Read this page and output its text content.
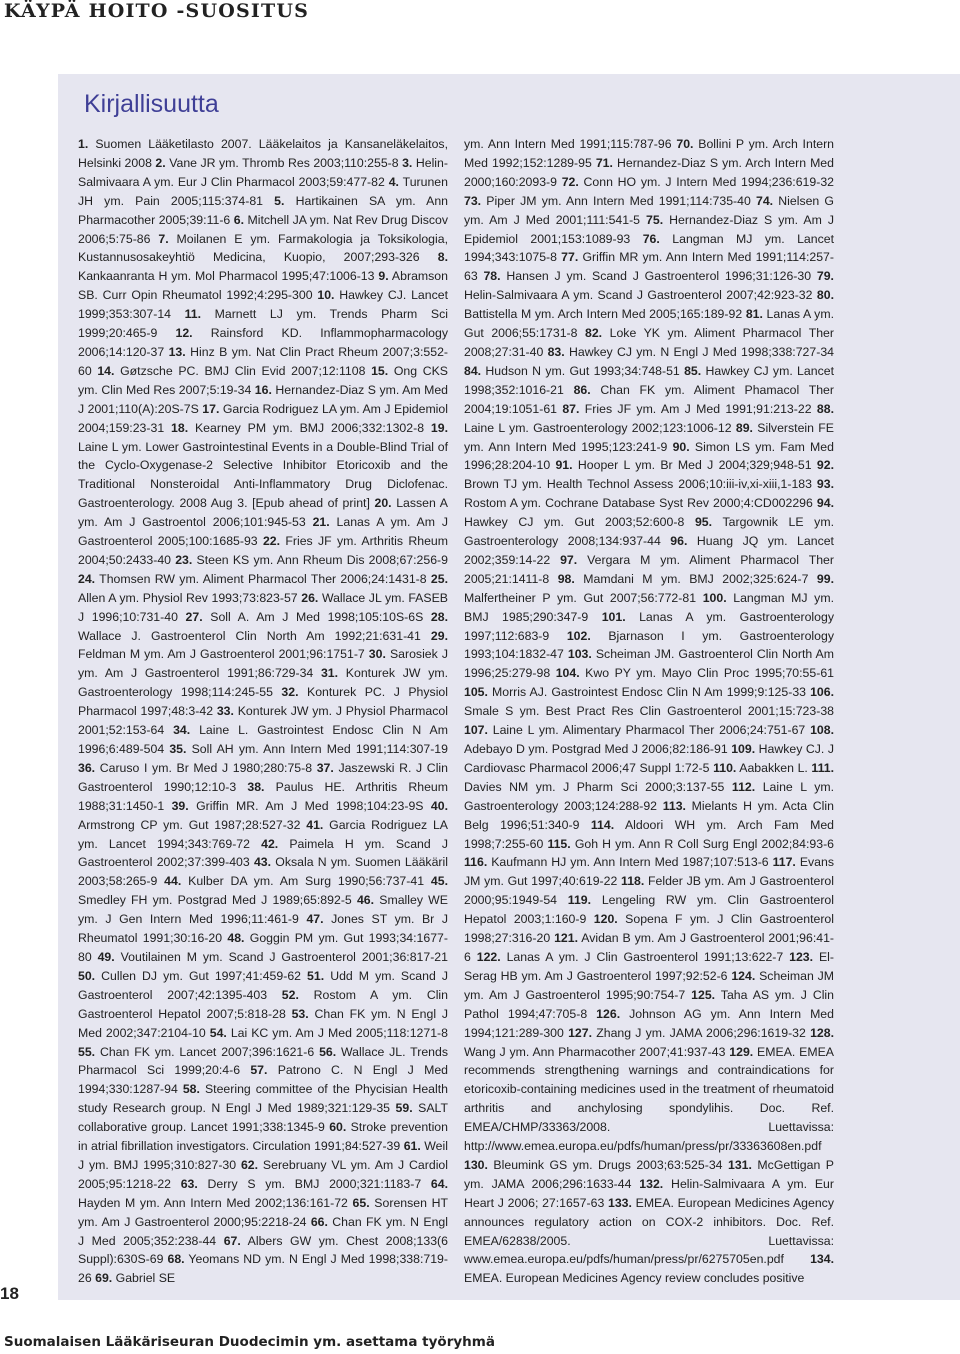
KÄYPÄ HOITO -SUOSITUS
Kirjallisuutta
1. Suomen Lääketilasto 2007. Lääkelaitos ja Kansaneläkelaitos, Helsinki 2008 2. Vane JR ym. Thromb Res 2003;110:255-8 3. Helin-Salmivaara A ym. Eur J Clin Pharmacol 2003;59:477-82 4. Turunen JH ym. Pain 2005;115:374-81 5. Hartikainen SA ym. Ann Pharmacother 2005;39:11-6 6. Mitchell JA ym. Nat Rev Drug Discov 2006;5:75-86 7. Moilanen E ym. Farmakologia ja Toksikologia, Kustannusosakeyhtiö Medicina, Kuopio, 2007;293-326 8. Kankaanranta H ym. Mol Pharmacol 1995;47:1006-13 9. Abramson SB. Curr Opin Rheumatol 1992;4:295-300 10. Hawkey CJ. Lancet 1999;353:307-14 11. Marnett LJ ym. Trends Pharm Sci 1999;20:465-9 12. Rainsford KD. Inflammopharmacology 2006;14:120-37 13. Hinz B ym. Nat Clin Pract Rheum 2007;3:552-60 14. Gøtzsche PC. BMJ Clin Evid 2007;12:1108 15. Ong CKS ym. Clin Med Res 2007;5:19-34 16. Hernandez-Diaz S ym. Am Med J 2001;110(A):20S-7S 17. Garcia Rodriguez LA ym. Am J Epidemiol 2004;159:23-31 18. Kearney PM ym. BMJ 2006;332:1302-8 19. Laine L ym. Lower Gastrointestinal Events in a Double-Blind Trial of the Cyclo-Oxygenase-2 Selective Inhibitor Etoricoxib and the Traditional Nonsteroidal Anti-Inflammatory Drug Diclofenac. Gastroenterology. 2008 Aug 3. [Epub ahead of print] 20. Lassen A ym. Am J Gastroentol 2006;101:945-53 21. Lanas A ym. Am J Gastroenterol 2005;100:1685-93 22. Fries JF ym. Arthritis Rheum 2004;50:2433-40 23. Steen KS ym. Ann Rheum Dis 2008;67:256-9 24. Thomsen RW ym. Aliment Pharmacol Ther 2006;24:1431-8 25. Allen A ym. Physiol Rev 1993;73:823-57 26. Wallace JL ym. FASEB J 1996;10:731-40 27. Soll A. Am J Med 1998;105:10S-6S 28. Wallace J. Gastroenterol Clin North Am 1992;21:631-41 29. Feldman M ym. Am J Gastroenterol 2001;96:1751-7 30. Sarosiek J ym. Am J Gastroenterol 1991;86:729-34 31. Konturek JW ym. Gastroenterology 1998;114:245-55 32. Konturek PC. J Physiol Pharmacol 1997;48:3-42 33. Konturek JW ym. J Physiol Pharmacol 2001;52:153-64 34. Laine L. Gastrointest Endosc Clin N Am 1996;6:489-504 35. Soll AH ym. Ann Intern Med 1991;114:307-19 36. Caruso I ym. Br Med J 1980;280:75-8 37. Jaszewski R. J Clin Gastroenterol 1990;12:10-3 38. Paulus HE. Arthritis Rheum 1988;31:1450-1 39. Griffin MR. Am J Med 1998;104:23-9S 40. Armstrong CP ym. Gut 1987;28:527-32 41. Garcia Rodriguez LA ym. Lancet 1994;343:769-72 42. Paimela H ym. Scand J Gastroenterol 2002;37:399-403 43. Oksala N ym. Suomen Lääkäril 2003;58:265-9 44. Kulber DA ym. Am Surg 1990;56:737-41 45. Smedley FH ym. Postgrad Med J 1989;65:892-5 46. Smalley WE ym. J Gen Intern Med 1996;11:461-9 47. Jones ST ym. Br J Rheumatol 1991;30:16-20 48. Goggin PM ym. Gut 1993;34:1677-80 49. Voutilainen M ym. Scand J Gastroenterol 2001;36:817-21 50. Cullen DJ ym. Gut 1997;41:459-62 51. Udd M ym. Scand J Gastroenterol 2007;42:1395-403 52. Rostom A ym. Clin Gastroenterol Hepatol 2007;5:818-28 53. Chan FK ym. N Engl J Med 2002;347:2104-10 54. Lai KC ym. Am J Med 2005;118:1271-8 55. Chan FK ym. Lancet 2007;396:1621-6 56. Wallace JL. Trends Pharmacol Sci 1999;20:4-6 57. Patrono C. N Engl J Med 1994;330:1287-94 58. Steering committee of the Phycisian Health study Research group. N Engl J Med 1989;321:129-35 59. SALT collaborative group. Lancet 1991;338:1345-9 60. Stroke prevention in atrial fibrillation investigators. Circulation 1991;84:527-39 61. Weil J ym. BMJ 1995;310:827-30 62. Serebruany VL ym. Am J Cardiol 2005;95:1218-22 63. Derry S ym. BMJ 2000;321:1183-7 64. Hayden M ym. Ann Intern Med 2002;136:161-72 65. Sorensen HT ym. Am J Gastroenterol 2000;95:2218-24 66. Chan FK ym. N Engl J Med 2005;352:238-44 67. Albers GW ym. Chest 2008;133(6 Suppl):630S-69 68. Yeomans ND ym. N Engl J Med 1998;338:719-26 69. Gabriel SE
ym. Ann Intern Med 1991;115:787-96 70. Bollini P ym. Arch Intern Med 1992;152:1289-95 71. Hernandez-Diaz S ym. Arch Intern Med 2000;160:2093-9 72. Conn HO ym. J Intern Med 1994;236:619-32 73. Piper JM ym. Ann Intern Med 1991;114:735-40 74. Nielsen G ym. Am J Med 2001;111:541-5 75. Hernandez-Diaz S ym. Am J Epidemiol 2001;153:1089-93 76. Langman MJ ym. Lancet 1994;343:1075-8 77. Griffin MR ym. Ann Intern Med 1991;114:257-63 78. Hansen J ym. Scand J Gastroenterol 1996;31:126-30 79. Helin-Salmivaara A ym. Scand J Gastroenterol 2007;42:923-32 80. Battistella M ym. Arch Intern Med 2005;165:189-92 81. Lanas A ym. Gut 2006;55:1731-8 82. Loke YK ym. Aliment Pharmacol Ther 2008;27:31-40 83. Hawkey CJ ym. N Engl J Med 1998;338:727-34 84. Hudson N ym. Gut 1993;34:748-51 85. Hawkey CJ ym. Lancet 1998;352:1016-21 86. Chan FK ym. Aliment Phamacol Ther 2004;19:1051-61 87. Fries JF ym. Am J Med 1991;91:213-22 88. Laine L ym. Gastroenterology 2002;123:1006-12 89. Silverstein FE ym. Ann Intern Med 1995;123:241-9 90. Simon LS ym. Fam Med 1996;28:204-10 91. Hooper L ym. Br Med J 2004;329;948-51 92. Brown TJ ym. Health Technol Assess 2006;10:iii-iv,xi-xiii,1-183 93. Rostom A ym. Cochrane Database Syst Rev 2000;4:CD002296 94. Hawkey CJ ym. Gut 2003;52:600-8 95. Targownik LE ym. Gastroenterology 2008;134:937-44 96. Huang JQ ym. Lancet 2002;359:14-22 97. Vergara M ym. Aliment Pharmacol Ther 2005;21:1411-8 98. Mamdani M ym. BMJ 2002;325:624-7 99. Malfertheiner P ym. Gut 2007;56:772-81 100. Langman MJ ym. BMJ 1985;290:347-9 101. Lanas A ym. Gastroenterology 1997;112:683-9 102. Bjarnason I ym. Gastroenterology 1993;104:1832-47 103. Scheiman JM. Gastroenterol Clin North Am 1996;25:279-98 104. Kwo PY ym. Mayo Clin Proc 1995;70:55-61 105. Morris AJ. Gastrointest Endosc Clin N Am 1999;9:125-33 106. Smale S ym. Best Pract Res Clin Gastroenterol 2001;15:723-38 107. Laine L ym. Alimentary Pharmacol Ther 2006;24:751-67 108. Adebayo D ym. Postgrad Med J 2006;82:186-91 109. Hawkey CJ. J Cardiovasc Pharmacol 2006;47 Suppl 1:72-5 110. Aabakken L. 111. Davies NM ym. J Pharm Sci 2000;3:137-55 112. Laine L ym. Gastroenterology 2003;124:288-92 113. Mielants H ym. Acta Clin Belg 1996;51:340-9 114. Aldoori WH ym. Arch Fam Med 1998;7:255-60 115. Goh H ym. Ann R Coll Surg Engl 2002;84:93-6 116. Kaufmann HJ ym. Ann Intern Med 1987;107:513-6 117. Evans JM ym. Gut 1997;40:619-22 118. Felder JB ym. Am J Gastroenterol 2000;95:1949-54 119. Lengeling RW ym. Clin Gastroenterol Hepatol 2003;1:160-9 120. Sopena F ym. J Clin Gastroenterol 1998;27:316-20 121. Avidan B ym. Am J Gastroenterol 2001;96:41-6 122. Lanas A ym. J Clin Gastroenterol 1991;13:622-7 123. El-Serag HB ym. Am J Gastroenterol 1997;92:52-6 124. Scheiman JM ym. Am J Gastroenterol 1995;90:754-7 125. Taha AS ym. J Clin Pathol 1994;47:705-8 126. Johnson AG ym. Ann Intern Med 1994;121:289-300 127. Zhang J ym. JAMA 2006;296:1619-32 128. Wang J ym. Ann Pharmacother 2007;41:937-43 129. EMEA. EMEA recommends strengthening warnings and contraindications for etoricoxib-containing medicines used in the treatment of rheumatoid arthritis and anchylosing spondylihis. Doc. Ref. EMEA/CHMP/33363/2008. Luettavissa: http://www.emea.europa.eu/pdfs/human/press/pr/33363608en.pdf 130. Bleumink GS ym. Drugs 2003;63:525-34 131. McGettigan P ym. JAMA 2006;296:1633-44 132. Helin-Salmivaara A ym. Eur Heart J 2006; 27:1657-63 133. EMEA. European Medicines Agency announces regulatory action on COX-2 inhibitors. Doc. Ref. EMEA/62838/2005. Luettavissa: www.emea.europa.eu/pdfs/human/press/pr/6275705en.pdf 134. EMEA. European Medicines Agency review concludes positive
18
Suomalaisen Lääkäriseuran Duodecimin ym. asettama työryhmä
